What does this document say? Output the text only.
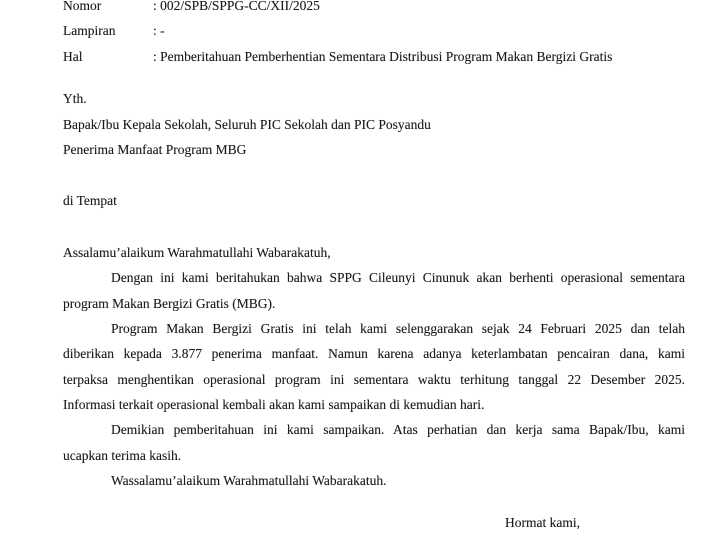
Nomor	: 002/SPB/SPPG-CC/XII/2025
Lampiran	: -
Hal	: Pemberitahuan Pemberhentian Sementara Distribusi Program Makan Bergizi Gratis
Yth.
Bapak/Ibu Kepala Sekolah, Seluruh PIC Sekolah dan PIC Posyandu
Penerima Manfaat Program MBG
di Tempat
Assalamu’alaikum Warahmatullahi Wabarakatuh,
Dengan ini kami beritahukan bahwa SPPG Cileunyi Cinunuk akan berhenti operasional sementara
program Makan Bergizi Gratis (MBG).
Program Makan Bergizi Gratis ini telah kami selenggarakan sejak 24 Februari 2025 dan telah
diberikan kepada 3.877 penerima manfaat. Namun karena adanya keterlambatan pencairan dana, kami
terpaksa menghentikan operasional program ini sementara waktu terhitung tanggal 22 Desember 2025.
Informasi terkait operasional kembali akan kami sampaikan di kemudian hari.
Demikian pemberitahuan ini kami sampaikan. Atas perhatian dan kerja sama Bapak/Ibu, kami
ucapkan terima kasih.
Wassalamu’alaikum Warahmatullahi Wabarakatuh.
Hormat kami,
